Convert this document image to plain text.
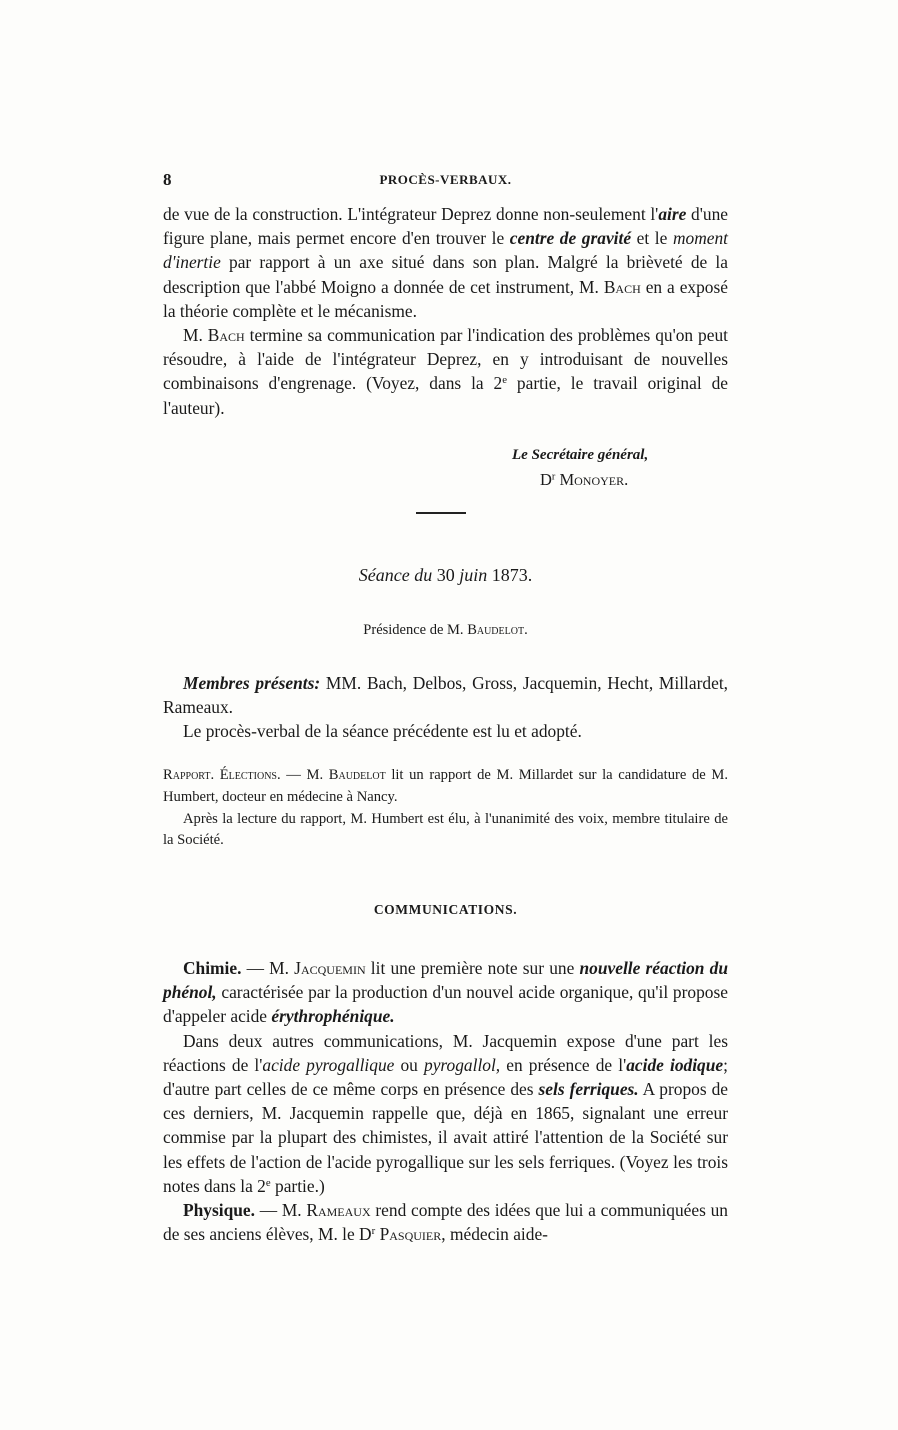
8	PROCÈS-VERBAUX.

de vue de la construction. L'intégrateur Deprez donne non-seulement l'aire d'une figure plane, mais permet encore d'en trouver le centre de gravité et le moment d'inertie par rapport à un axe situé dans son plan. Malgré la brièveté de la description que l'abbé Moigno a donnée de cet instrument, M. Bach en a exposé la théorie complète et le mécanisme.

M. Bach termine sa communication par l'indication des problèmes qu'on peut résoudre, à l'aide de l'intégrateur Deprez, en y introduisant de nouvelles combinaisons d'engrenage. (Voyez, dans la 2e partie, le travail original de l'auteur).

Le Secrétaire général,
$D^r$ Monoyer.
Séance du 30 juin 1873.
Présidence de M. Baudelot.

Membres présents: MM. Bach, Delbos, Gross, Jacquemin, Hecht, Millardet, Rameaux.

Le procès-verbal de la séance précédente est lu et adopté.

Rapport. Élections. — M. Baudelot lit un rapport de M. Millardet sur la candidature de M. Humbert, docteur en médecine à Nancy.

Après la lecture du rapport, M. Humbert est élu, à l'unanimité des voix, membre titulaire de la Société.

COMMUNICATIONS.

Chimie. — M. Jacquemin lit une première note sur une nouvelle réaction du phénol, caractérisée par la production d'un nouvel acide organique, qu'il propose d'appeler acide érythrophénique.

Dans deux autres communications, M. Jacquemin expose d'une part les réactions de l'acide pyrogallique ou pyrogallol, en présence de l'acide iodique; d'autre part celles de ce même corps en présence des sels ferriques. A propos de ces derniers, M. Jacquemin rappelle que, déjà en 1865, signalant une erreur commise par la plupart des chimistes, il avait attiré l'attention de la Société sur les effets de l'action de l'acide pyrogallique sur les sels ferriques. (Voyez les trois notes dans la 2e partie.)

Physique. — M. Rameaux rend compte des idées que lui a communiquées un de ses anciens élèves, M. le $D^r$ Pasquier, médecin aide-
